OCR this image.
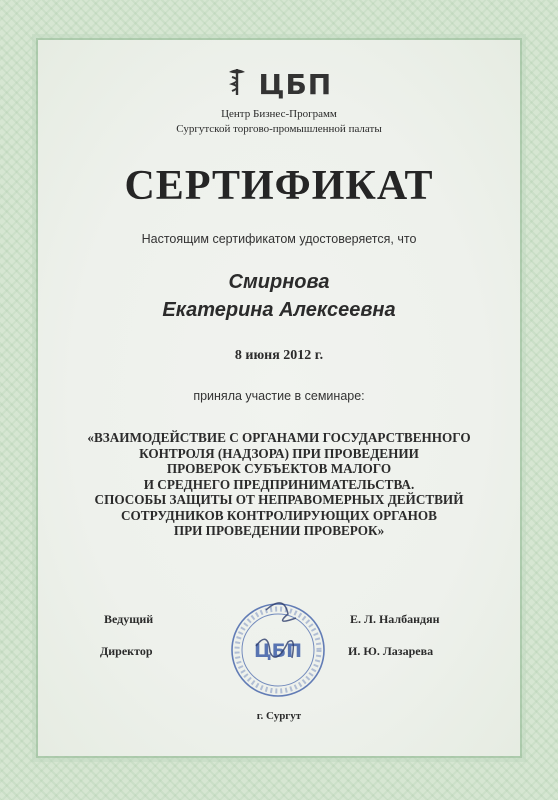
ЦБП
Центр Бизнес-Программ
Сургутской торгово-промышленной палаты
СЕРТИФИКАТ
Настоящим сертификатом удостоверяется, что
Смирнова
Екатерина Алексеевна
8 июня 2012 г.
приняла участие в семинаре:
«ВЗАИМОДЕЙСТВИЕ С ОРГАНАМИ ГОСУДАРСТВЕННОГО
КОНТРОЛЯ (НАДЗОРА) ПРИ ПРОВЕДЕНИИ
ПРОВЕРОК СУБЪЕКТОВ МАЛОГО
И СРЕДНЕГО ПРЕДПРИНИМАТЕЛЬСТВА.
СПОСОБЫ ЗАЩИТЫ ОТ НЕПРАВОМЕРНЫХ ДЕЙСТВИЙ
СОТРУДНИКОВ КОНТРОЛИРУЮЩИХ ОРГАНОВ
ПРИ ПРОВЕДЕНИИ ПРОВЕРОК»
Ведущий	Е. Л. Налбандян
Директор	И. Ю. Лазарева
ЦБП
г. Сургут
